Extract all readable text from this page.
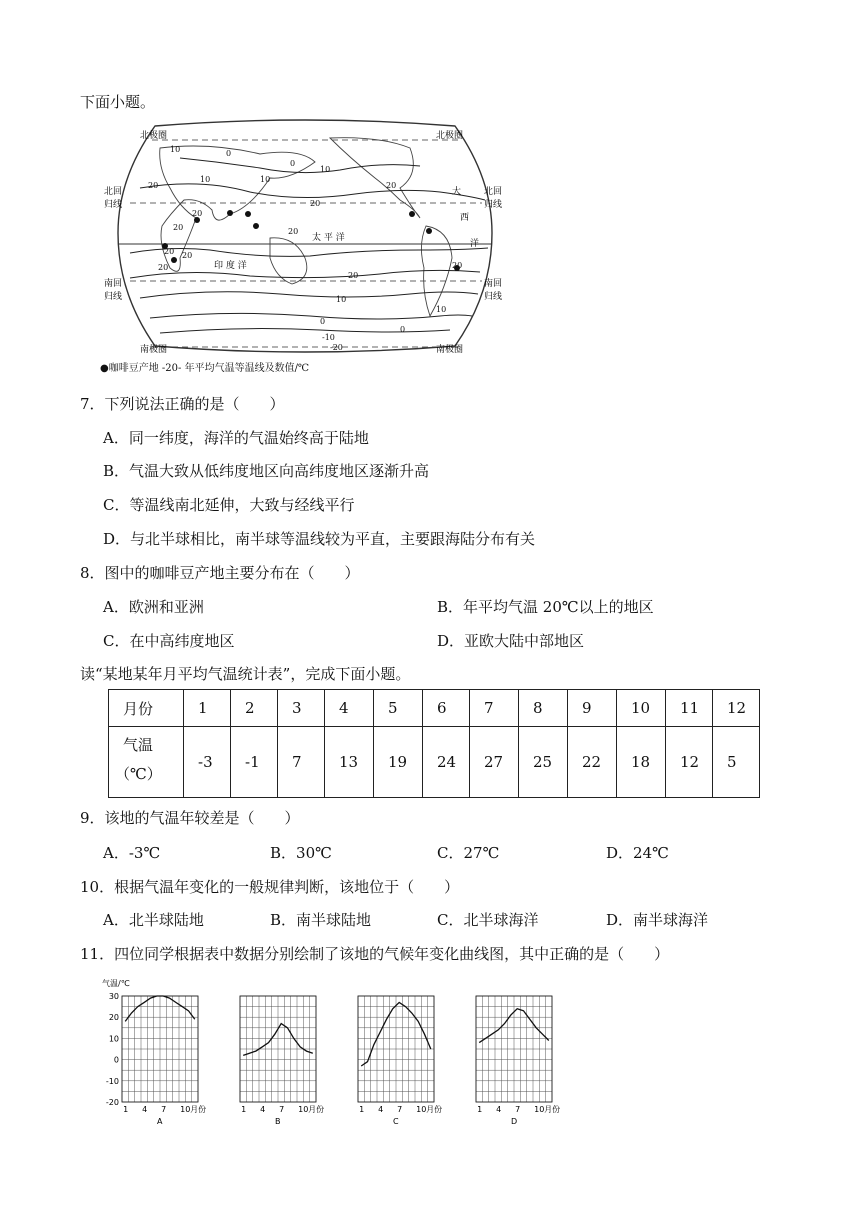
下面小题。
北极圈	北极圈
北回
归线
北回
归线
南回
归线
南回
归线
南极圈	南极圈
太 平 洋
印 度 洋
大
西
洋
10	0
10
20
20
0
10
20
10
20
20 20
20
20
0
10
20
20
20
10
0
-10
-20
●咖啡豆产地 -20- 年平均气温等温线及数值/℃
7．下列说法正确的是（　　）
A．同一纬度，海洋的气温始终高于陆地
B．气温大致从低纬度地区向高纬度地区逐渐升高
C．等温线南北延伸，大致与经线平行
D．与北半球相比，南半球等温线较为平直，主要跟海陆分布有关
8．图中的咖啡豆产地主要分布在（　　）
A．欧洲和亚洲	B．年平均气温 20℃以上的地区
C．在中高纬度地区	D．亚欧大陆中部地区
读“某地某年月平均气温统计表”，完成下面小题。
月份	1	2	3	4	5	6	7	8	9	10	11	12

气温
（℃）	-3	-1	7	13	19	24	27	25	22	18	12	5
9．该地的气温年较差是（　　）
A．-3℃	B．30℃	C．27℃	D．24℃
10．根据气温年变化的一般规律判断，该地位于（　　）
A．北半球陆地	B．南半球陆地	C．北半球海洋	D．南半球海洋
11．四位同学根据表中数据分别绘制了该地的气候年变化曲线图，其中正确的是（　　）
30
20
10
0
-10
-20
气温/℃
1 4 7 10 月份
A
1 4 7 10 月份
B
1 4 7 10 月份
C
1 4 7 10 月份
D
